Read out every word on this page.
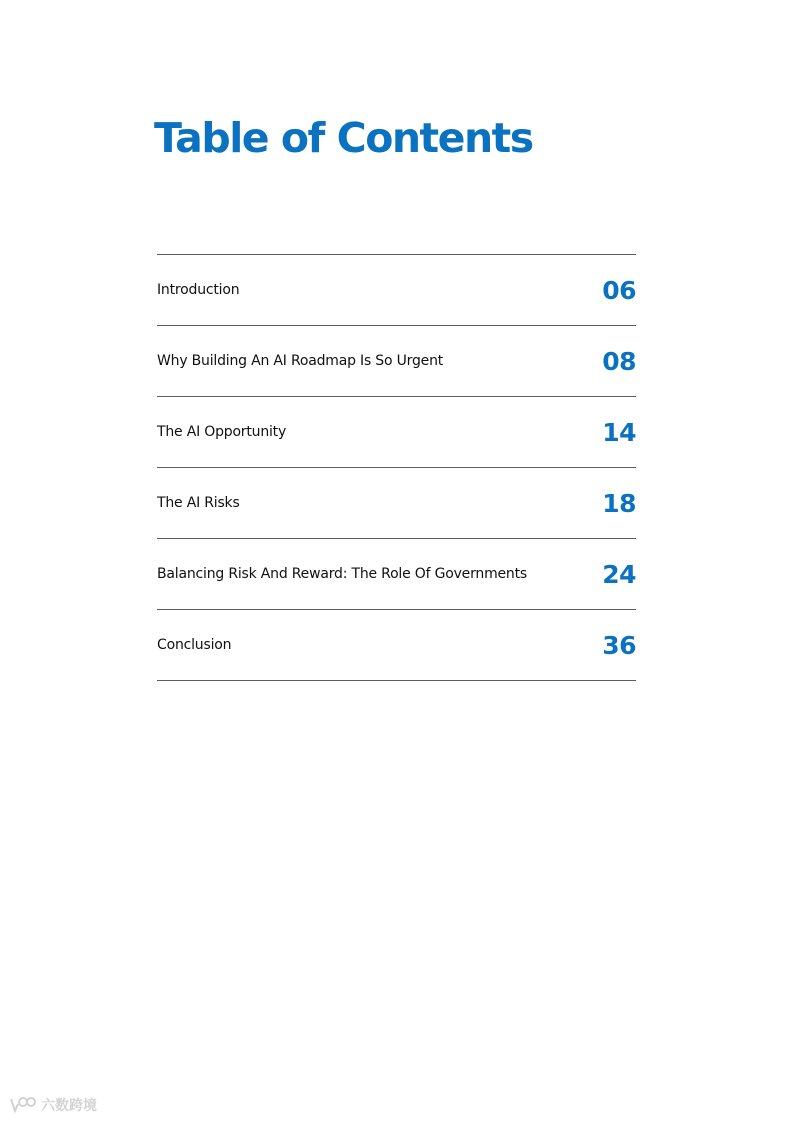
Table of Contents
Introduction	06
Why Building An AI Roadmap Is So Urgent	08
The AI Opportunity	14
The AI Risks	18
Balancing Risk And Reward: The Role Of Governments	24
Conclusion	36
六数跨境
